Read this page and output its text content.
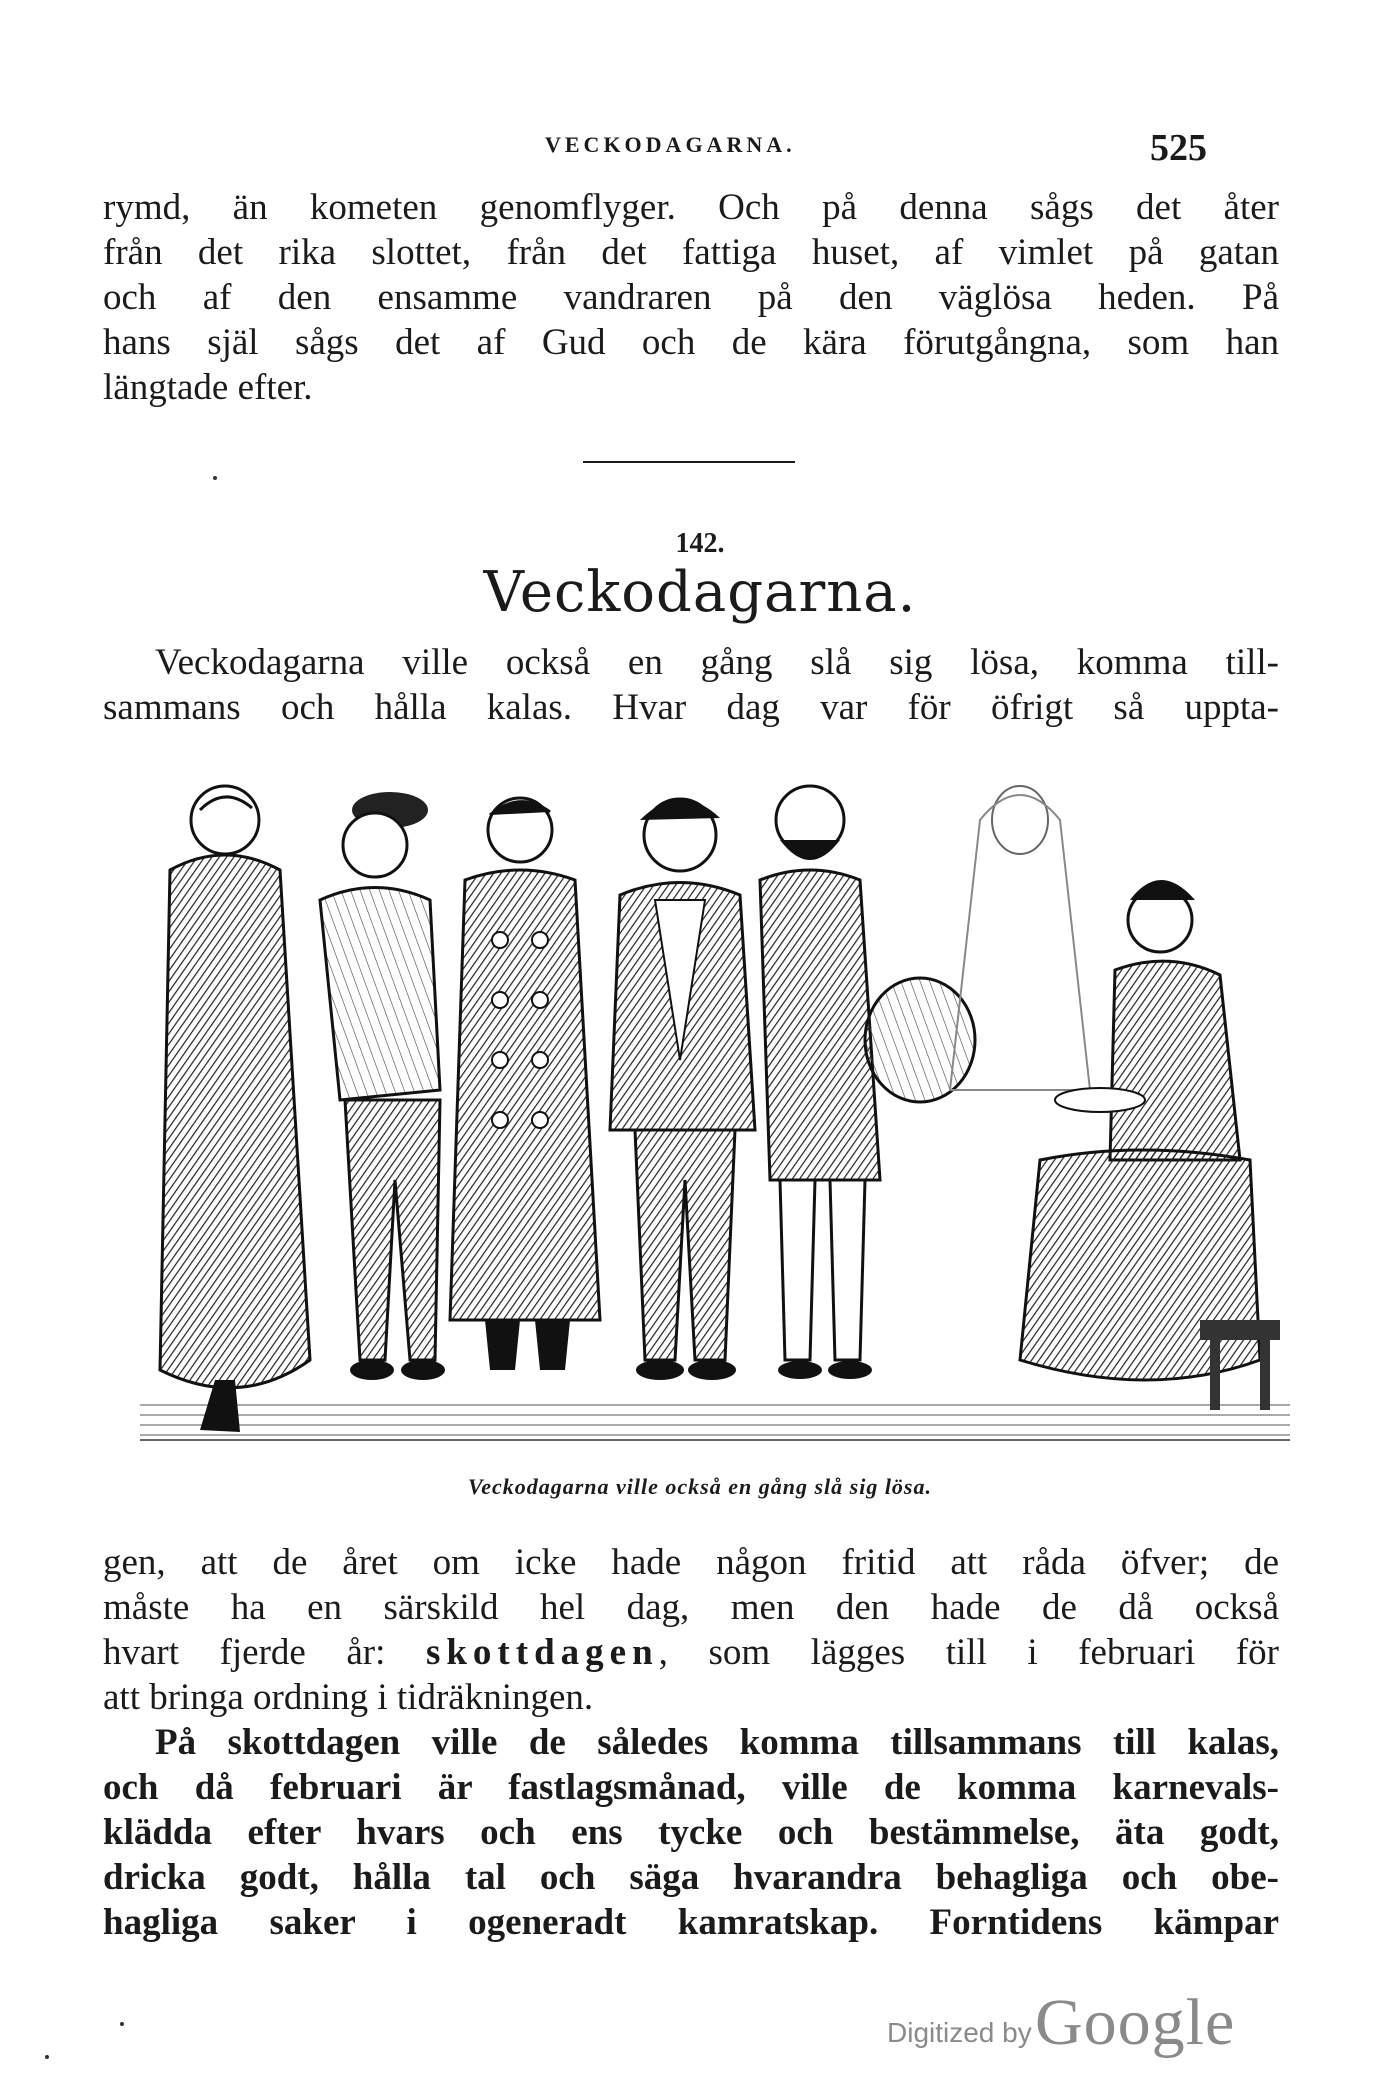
VECKODAGARNA.	525
rymd, än kometen genomflyger. Och på denna sågs det åter
från det rika slottet, från det fattiga huset, af vimlet på gatan
och af den ensamme vandraren på den väglösa heden. På
hans själ sågs det af Gud och de kära förutgångna, som han
längtade efter.
142.
Veckodagarna.
Veckodagarna ville också en gång slå sig lösa, komma till-
sammans och hålla kalas. Hvar dag var för öfrigt så uppta-
Veckodagarna ville också en gång slå sig lösa.
gen, att de året om icke hade någon fritid att råda öfver; de
måste ha en särskild hel dag, men den hade de då också
hvart fjerde år: skottdagen, som lägges till i februari för
att bringa ordning i tidräkningen.
På skottdagen ville de således komma tillsammans till kalas,
och då februari är fastlagsmånad, ville de komma karnevals-
klädda efter hvars och ens tycke och bestämmelse, äta godt,
dricka godt, hålla tal och säga hvarandra behagliga och obe-
hagliga saker i ogeneradt kamratskap. Forntidens kämpar
Digitized by Google
